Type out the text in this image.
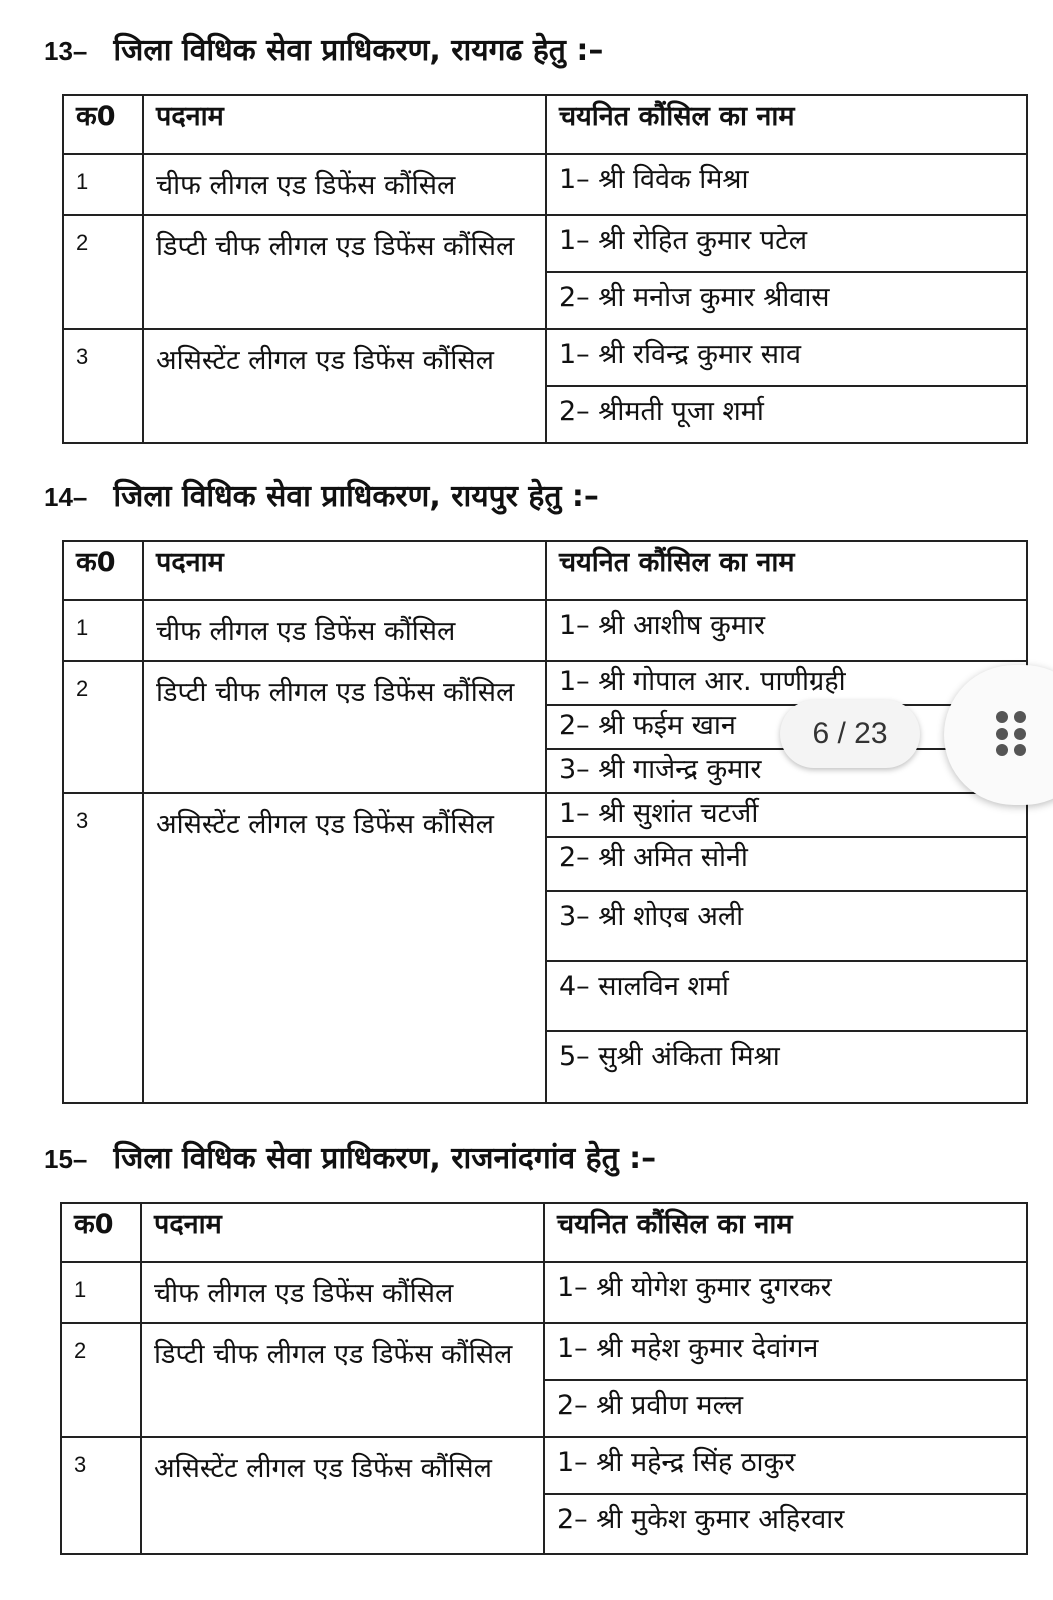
13– जिला विधिक सेवा प्राधिकरण, रायगढ हेतु :–
क0	पदनाम	चयनित कौंसिल का नाम
1	चीफ लीगल एड डिफेंस कौंसिल	1– श्री विवेक मिश्रा
2	डिप्टी चीफ लीगल एड डिफेंस कौंसिल	1– श्री रोहित कुमार पटेल
		2– श्री मनोज कुमार श्रीवास
3	असिस्टेंट लीगल एड डिफेंस कौंसिल	1– श्री रविन्द्र कुमार साव
		2– श्रीमती पूजा शर्मा
14– जिला विधिक सेवा प्राधिकरण, रायपुर हेतु :–
क0	पदनाम	चयनित कौंसिल का नाम
1	चीफ लीगल एड डिफेंस कौंसिल	1– श्री आशीष कुमार
2	डिप्टी चीफ लीगल एड डिफेंस कौंसिल	1– श्री गोपाल आर. पाणीग्रही
		2– श्री फईम खान
		3– श्री गाजेन्द्र कुमार
3	असिस्टेंट लीगल एड डिफेंस कौंसिल	1– श्री सुशांत चटर्जी
		2– श्री अमित सोनी
		3– श्री शोएब अली
		4– सालविन शर्मा
		5– सुश्री अंकिता मिश्रा
15– जिला विधिक सेवा प्राधिकरण, राजनांदगांव हेतु :–
क0	पदनाम	चयनित कौंसिल का नाम
1	चीफ लीगल एड डिफेंस कौंसिल	1– श्री योगेश कुमार दुगरकर
2	डिप्टी चीफ लीगल एड डिफेंस कौंसिल	1– श्री महेश कुमार देवांगन
		2– श्री प्रवीण मल्ल
3	असिस्टेंट लीगल एड डिफेंस कौंसिल	1– श्री महेन्द्र सिंह ठाकुर
		2– श्री मुकेश कुमार अहिरवार
6 / 23
